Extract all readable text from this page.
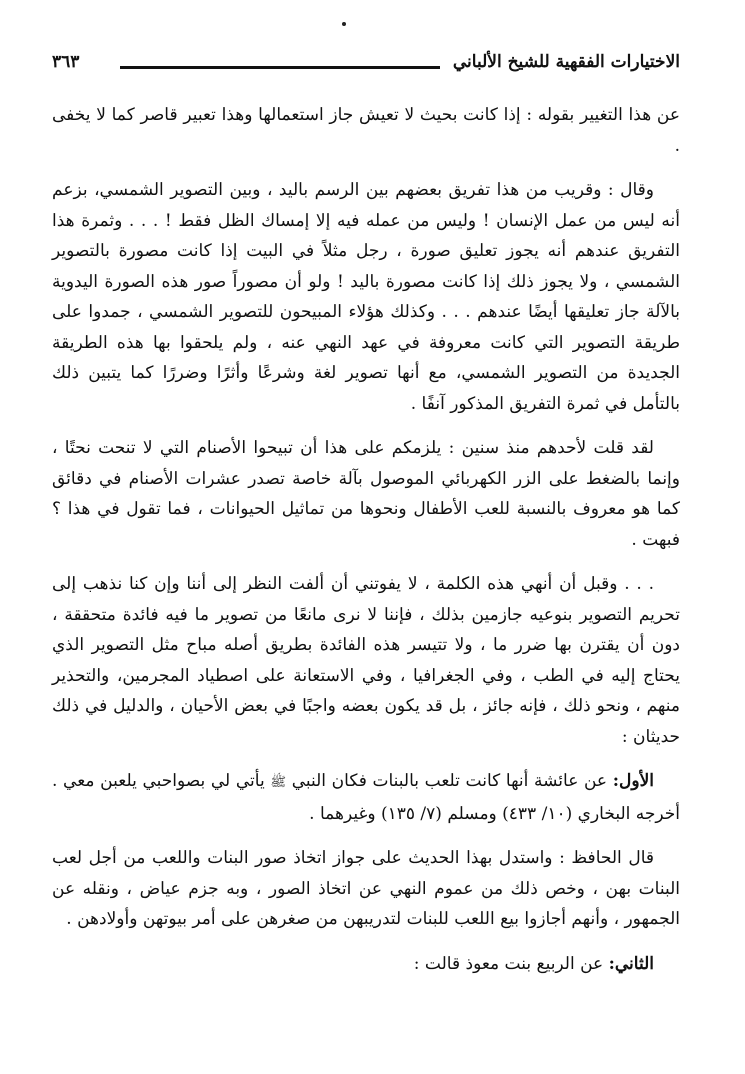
الاختيارات الفقهية للشيخ الألباني
٣٦٣

عن هذا التغيير بقوله : إذا كانت بحيث لا تعيش جاز استعمالها وهذا تعبير قاصر كما لا يخفى .

وقال : وقريب من هذا تفريق بعضهم بين الرسم باليد ، وبين التصوير الشمسي، بزعم أنه ليس من عمل الإنسان ! وليس من عمله فيه إلا إمساك الظل فقط ! . . . وثمرة هذا التفريق عندهم أنه يجوز تعليق صورة ، رجل مثلاً في البيت إذا كانت مصورة بالتصوير الشمسي ، ولا يجوز ذلك إذا كانت مصورة باليد ! ولو أن مصوراً صور هذه الصورة اليدوية بالآلة جاز تعليقها أيضًا عندهم . . . وكذلك هؤلاء المبيحون للتصوير الشمسي ، جمدوا على طريقة التصوير التي كانت معروفة في عهد النهي عنه ، ولم يلحقوا بها هذه الطريقة الجديدة من التصوير الشمسي، مع أنها تصوير لغة وشرعًا وأثرًا وضررًا كما يتبين ذلك بالتأمل في ثمرة التفريق المذكور آنفًا .

لقد قلت لأحدهم منذ سنين : يلزمكم على هذا أن تبيحوا الأصنام التي لا تنحت نحتًا ، وإنما بالضغط على الزر الكهربائي الموصول بآلة خاصة تصدر عشرات الأصنام في دقائق كما هو معروف بالنسبة للعب الأطفال ونحوها من تماثيل الحيوانات ، فما تقول في هذا ؟ فبهت .

. . . وقبل أن أنهي هذه الكلمة ، لا يفوتني أن ألفت النظر إلى أننا وإن كنا نذهب إلى تحريم التصوير بنوعيه جازمين بذلك ، فإننا لا نرى مانعًا من تصوير ما فيه فائدة متحققة ، دون أن يقترن بها ضرر ما ، ولا تتيسر هذه الفائدة بطريق أصله مباح مثل التصوير الذي يحتاج إليه في الطب ، وفي الجغرافيا ، وفي الاستعانة على اصطياد المجرمين، والتحذير منهم ، ونحو ذلك ، فإنه جائز ، بل قد يكون بعضه واجبًا في بعض الأحيان ، والدليل في ذلك حديثان :

الأول: عن عائشة أنها كانت تلعب بالبنات فكان النبي ﷺ يأتي لي بصواحبي يلعبن معي . أخرجه البخاري (١٠/ ٤٣٣) ومسلم (٧/ ١٣٥) وغيرهما .

قال الحافظ : واستدل بهذا الحديث على جواز اتخاذ صور البنات واللعب من أجل لعب البنات بهن ، وخص ذلك من عموم النهي عن اتخاذ الصور ، وبه جزم عياض ، ونقله عن الجمهور ، وأنهم أجازوا بيع اللعب للبنات لتدريبهن من صغرهن على أمر بيوتهن وأولادهن .

الثاني: عن الربيع بنت معوذ قالت :
